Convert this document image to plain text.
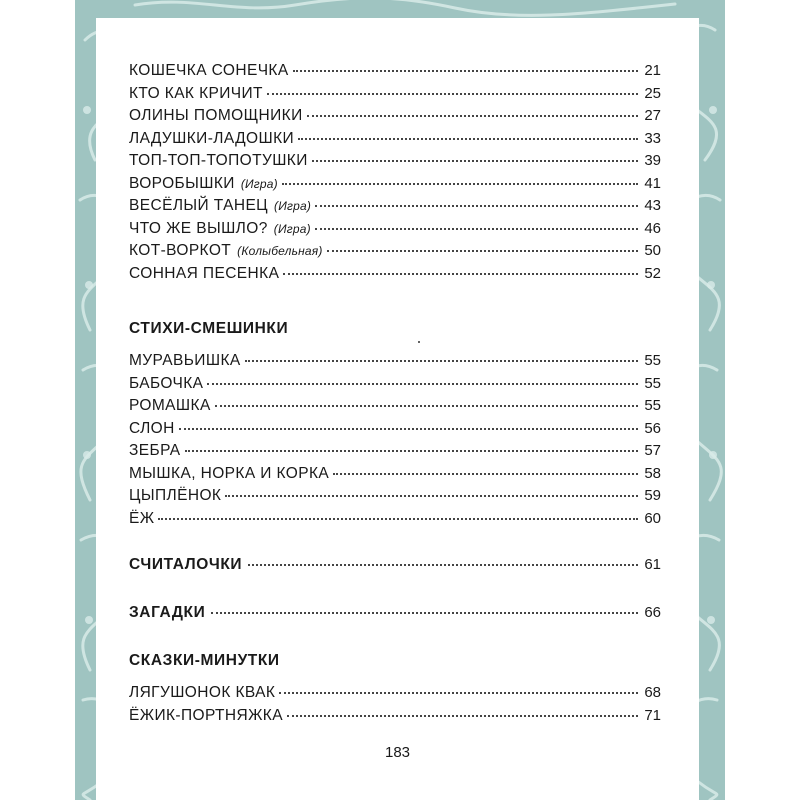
КОШЕЧКА СОНЕЧКА	21
КТО КАК КРИЧИТ	25
ОЛИНЫ ПОМОЩНИКИ	27
ЛАДУШКИ-ЛАДОШКИ	33
ТОП-ТОП-ТОПОТУШКИ	39
ВОРОБЫШКИ (Игра)	41
ВЕСЁЛЫЙ ТАНЕЦ (Игра)	43
ЧТО ЖЕ ВЫШЛО? (Игра)	46
КОТ-ВОРКОТ (Колыбельная)	50
СОННАЯ ПЕСЕНКА	52
СТИХИ-СМЕШИНКИ
МУРАВЬИШКА	55
БАБОЧКА	55
РОМАШКА	55
СЛОН	56
ЗЕБРА	57
МЫШКА, НОРКА И КОРКА	58
ЦЫПЛЁНОК	59
ЁЖ	60
СЧИТАЛОЧКИ	61
ЗАГАДКИ	66
СКАЗКИ-МИНУТКИ
ЛЯГУШОНОК КВАК	68
ЁЖИК-ПОРТНЯЖКА	71
183
